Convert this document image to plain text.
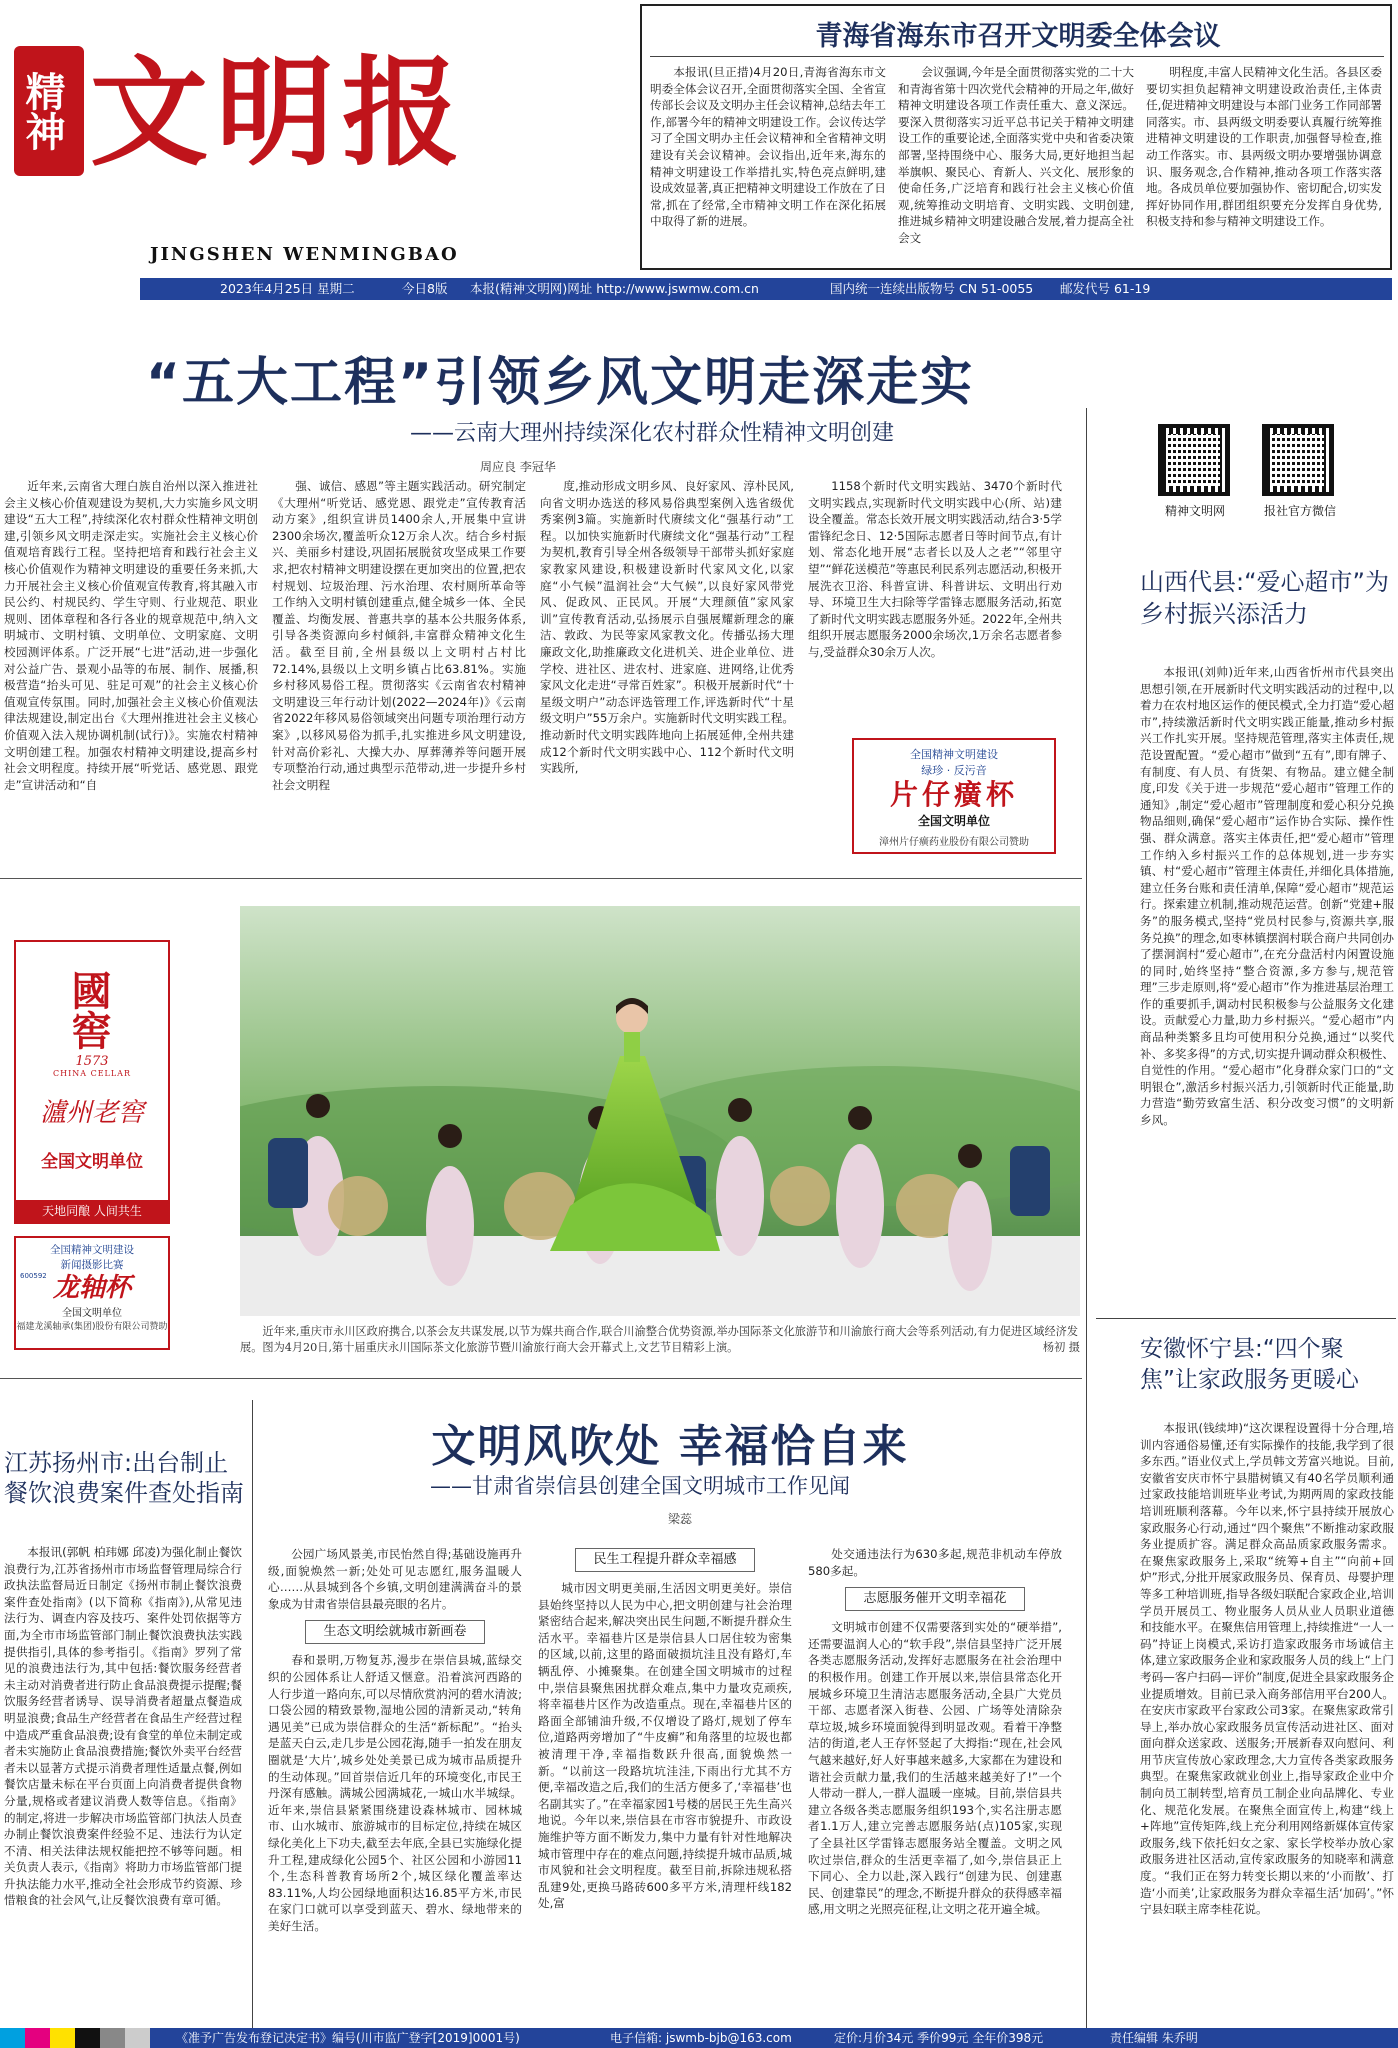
精神 文明报
JINGSHEN WENMINGBAO
青海省海东市召开文明委全体会议

本报讯(旦正措)4月20日,青海省海东市文明委全体会议召开,全面贯彻落实全国、全省宣传部长会议及文明办主任会议精神,总结去年工作,部署今年的精神文明建设工作。会议传达学习了全国文明办主任会议精神和全省精神文明建设有关会议精神。会议指出,近年来,海东的精神文明建设工作举措扎实,特色亮点鲜明,建设成效显著,真正把精神文明建设工作放在了日常,抓在了经常,全市精神文明工作在深化拓展中取得了新的进展。

会议强调,今年是全面贯彻落实党的二十大和青海省第十四次党代会精神的开局之年,做好精神文明建设各项工作责任重大、意义深远。要深入贯彻落实习近平总书记关于精神文明建设工作的重要论述,全面落实党中央和省委决策部署,坚持围绕中心、服务大局,更好地担当起举旗帜、聚民心、育新人、兴文化、展形象的使命任务,广泛培育和践行社会主义核心价值观,统筹推动文明培育、文明实践、文明创建,推进城乡精神文明建设融合发展,着力提高全社会文

明程度,丰富人民精神文化生活。各县区委要切实担负起精神文明建设政治责任,主体责任,促进精神文明建设与本部门业务工作同部署同落实。市、县两级文明委要认真履行统筹推进精神文明建设的工作职责,加强督导检查,推动工作落实。市、县两级文明办要增强协调意识、服务观念,合作精神,推动各项工作落实落地。各成员单位要加强协作、密切配合,切实发挥好协同作用,群团组织要充分发挥自身优势,积极支持和参与精神文明建设工作。

2023年4月25日 星期二	今日8版 本报(精神文明网)网址 http://www.jswmw.com.cn	国内统一连续出版物号 CN 51-0055 邮发代号 61-19
“五大工程”引领乡风文明走深走实
——云南大理州持续深化农村群众性精神文明创建
周应良 李冠华

近年来,云南省大理白族自治州以深入推进社会主义核心价值观建设为契机,大力实施乡风文明建设“五大工程”,持续深化农村群众性精神文明创建,引领乡风文明走深走实。实施社会主义核心价值观培育践行工程。坚持把培育和践行社会主义核心价值观作为精神文明建设的重要任务来抓,大力开展社会主义核心价值观宣传教育,将其融入市民公约、村规民约、学生守则、行业规范、职业规则、团体章程和各行各业的规章规范中,纳入文明城市、文明村镇、文明单位、文明家庭、文明校园测评体系。广泛开展“七进”活动,进一步强化对公益广告、景观小品等的布展、制作、展播,积极营造“抬头可见、驻足可观”的社会主义核心价值观宣传氛围。同时,加强社会主义核心价值观法律法规建设,制定出台《大理州推进社会主义核心价值观入法入规协调机制(试行)》。实施农村精神文明创建工程。加强农村精神文明建设,提高乡村社会文明程度。持续开展“听党话、感党恩、跟党走”宣讲活动和“自

强、诚信、感恩”等主题实践活动。研究制定《大理州“听党话、感党恩、跟党走”宣传教育活动方案》,组织宣讲员1400余人,开展集中宣讲2300余场次,覆盖听众12万余人次。结合乡村振兴、美丽乡村建设,巩固拓展脱贫攻坚成果工作要求,把农村精神文明建设摆在更加突出的位置,把农村规划、垃圾治理、污水治理、农村厕所革命等工作纳入文明村镇创建重点,健全城乡一体、全民覆盖、均衡发展、普惠共享的基本公共服务体系,引导各类资源向乡村倾斜,丰富群众精神文化生活。截至目前,全州县级以上文明村占村比72.14%,县级以上文明乡镇占比63.81%。实施乡村移风易俗工程。贯彻落实《云南省农村精神文明建设三年行动计划(2022—2024年)》《云南省2022年移风易俗领域突出问题专项治理行动方案》,以移风易俗为抓手,扎实推进乡风文明建设,针对高价彩礼、大操大办、厚葬薄养等问题开展专项整治行动,通过典型示范带动,进一步提升乡村社会文明程

度,推动形成文明乡风、良好家风、淳朴民风,向省文明办选送的移风易俗典型案例入选省级优秀案例3篇。实施新时代赓续文化“强基行动”工程。以加快实施新时代赓续文化“强基行动”工程为契机,教育引导全州各级领导干部带头抓好家庭家教家风建设,积极建设新时代家风文化,以家庭“小气候”温润社会“大气候”,以良好家风带党风、促政风、正民风。开展“大理颜值”家风家训”宣传教育活动,弘扬展示自强展耀新理念的廉洁、敦政、为民等家风家教文化。传播弘扬大理廉政文化,助推廉政文化进机关、进企业单位、进学校、进社区、进农村、进家庭、进网络,让优秀家风文化走进“寻常百姓家”。积极开展新时代“十星级文明户”动态评选管理工作,评选新时代“十星级文明户”55万余户。实施新时代文明实践工程。推动新时代文明实践阵地向上拓展延伸,全州共建成12个新时代文明实践中心、112个新时代文明实践所,

1158个新时代文明实践站、3470个新时代文明实践点,实现新时代文明实践中心(所、站)建设全覆盖。常态长效开展文明实践活动,结合3·5学雷锋纪念日、12·5国际志愿者日等时间节点,有计划、常态化地开展“志者长以及人之老”“邻里守望”“鲜花送模范”等惠民利民系列志愿活动,积极开展洗衣卫浴、科普宣讲、科普讲坛、文明出行劝导、环境卫生大扫除等学雷锋志愿服务活动,拓宽了新时代文明实践志愿服务外延。2022年,全州共组织开展志愿服务2000余场次,1万余名志愿者参与,受益群众30余万人次。

全国精神文明建设
绿珍 · 反污音
片仔癀杯
全国文明单位
漳州片仔癀药业股份有限公司赞助
精神文明网	报社官方微信
山西代县:“爱心超市”为乡村振兴添活力

本报讯(刘帅)近年来,山西省忻州市代县突出思想引领,在开展新时代文明实践活动的过程中,以着力在农村地区运作的便民模式,全力打造“爱心超市”,持续激活新时代文明实践正能量,推动乡村振兴工作扎实开展。坚持规范管理,落实主体责任,规范设置配置。“爱心超市”做到“五有”,即有牌子、有制度、有人员、有货架、有物品。建立健全制度,印发《关于进一步规范“爱心超市”管理工作的通知》,制定“爱心超市”管理制度和爱心积分兑换物品细则,确保“爱心超市”运作协合实际、操作性强、群众满意。落实主体责任,把“爱心超市”管理工作纳入乡村振兴工作的总体规划,进一步夯实镇、村“爱心超市”管理主体责任,并细化具体措施,建立任务台账和责任清单,保障“爱心超市”规范运行。探索建立机制,推动规范运营。创新“党建+服务”的服务模式,坚持“党员村民参与,资源共享,服务兑换”的理念,如枣林镇摆润村联合商户共同创办了摆洞润村“爱心超市”,在充分盘活村内闲置设施的同时,始终坚持“整合资源,多方参与,规范管理”三步走原则,将“爱心超市”作为推进基层治理工作的重要抓手,调动村民积极参与公益服务文化建设。贡献爱心力量,助力乡村振兴。“爱心超市”内商品种类繁多且均可使用积分兑换,通过“以奖代补、多奖多得”的方式,切实提升调动群众积极性、自觉性的作用。“爱心超市”化身群众家门口的“文明银仓”,激活乡村振兴活力,引领新时代正能量,助力营造“勤劳致富生活、积分改变习惯”的文明新乡风。

安徽怀宁县:“四个聚焦”让家政服务更暖心

本报讯(钱续坤)“这次课程设置得十分合理,培训内容通俗易懂,还有实际操作的技能,我学到了很多东西。”语业仪式上,学员韩文芳富兴地说。目前,安徽省安庆市怀宁县腊树镇又有40名学员顺利通过家政技能培训班毕业考试,为期两周的家政技能培训班顺利落幕。今年以来,怀宁县持续开展放心家政服务心行动,通过“四个聚焦”不断推动家政服务业提质扩容。满足群众高品质家政服务需求。在聚焦家政服务上,采取“统筹+自主”“向前+回炉”形式,分批开展家政服务员、保育员、母婴护理等多工种培训班,指导各级妇联配合家政企业,培训学员开展员工、物业服务人员从业人员职业道德和技能水平。在聚焦信用管理上,持续推进“一人一码”持证上岗模式,采访打造家政服务市场诚信主体,建立家政服务企业和家政服务人员的线上“上门考码—客户扫码—评价”制度,促进全县家政服务企业提质增效。目前已录入商务部信用平台200人。在安庆市家政平台家政公司3家。在聚焦家政常引导上,举办放心家政服务员宣传活动进社区、面对面向群众送家政、送服务;开展新春双向慰问、利用节庆宣传放心家政理念,大力宣传各类家政服务典型。在聚焦家政就业创业上,指导家政企业中介制向员工制转型,培育员工制企业向品牌化、专业化、规范化发展。在聚焦全面宣传上,构建“线上+阵地”宣传矩阵,线上充分利用网络新媒体宣传家政服务,线下依托妇女之家、家长学校举办放心家政服务进社区活动,宣传家政服务的知晓率和满意度。“我们正在努力转变长期以来的‘小而散’、打造‘小而美’,让家政服务为群众幸福生活‘加码’。”怀宁县妇联主席李桂花说。

近年来,重庆市永川区政府携合,以茶会友共谋发展,以节为媒共商合作,联合川渝整合优势资源,举办国际茶文化旅游节和川渝旅行商大会等系列活动,有力促进区域经济发展。图为4月20日,第十届重庆永川国际茶文化旅游节暨川渝旅行商大会开幕式上,文艺节目精彩上演。	杨初 摄
國窖
1573
CHINA CELLAR
瀘州老窖
全国文明单位
天地同酿 人间共生
全国精神文明建设
新闻摄影比赛
600592 龙轴杯
全国文明单位
福建龙溪轴承(集团)股份有限公司赞助
江苏扬州市:出台制止餐饮浪费案件查处指南

本报讯(郭帆 柏玮娜 邱凌)为强化制止餐饮浪费行为,江苏省扬州市市场监督管理局综合行政执法监督局近日制定《扬州市制止餐饮浪费案件查处指南》(以下简称《指南》),从常见违法行为、调查内容及技巧、案件处罚依据等方面,为全市市场监管部门制止餐饮浪费执法实践提供指引,具体的参考指引。《指南》罗列了常见的浪费违法行为,其中包括:餐饮服务经营者未主动对消费者进行防止食品浪费提示提醒;餐饮服务经营者诱导、误导消费者超量点餐造成明显浪费;食品生产经营者在食品生产经营过程中造成严重食品浪费;设有食堂的单位未制定或者未实施防止食品浪费措施;餐饮外卖平台经营者未以显著方式提示消费者理性适量点餐,例如餐饮店量未标在平台页面上向消费者提供食物分量,规格或者建议消费人数等信息。《指南》的制定,将进一步解决市场监管部门执法人员查办制止餐饮浪费案件经验不足、违法行为认定不清、相关法律法规权能把控不够等问题。相关负责人表示,《指南》将助力市场监管部门提升执法能力水平,推动全社会形成节约资源、珍惜粮食的社会风气,让反餐饮浪费有章可循。

文明风吹处 幸福恰自来
——甘肃省崇信县创建全国文明城市工作见闻
梁蕊

公园广场风景美,市民怡然自得;基础设施再升级,面貌焕然一新;处处可见志愿红,服务温暖人心……从县城到各个乡镇,文明创建满满奋斗的景象成为甘肃省崇信县最亮眼的名片。

生态文明绘就城市新画卷

春和景明,万物复苏,漫步在崇信县城,蓝绿交织的公园体系让人舒适又惬意。沿着滨河西路的人行步道一路向东,可以尽情欣赏汭河的碧水清波;口袋公园的精致景物,湿地公园的清新灵动,“转角遇见美”已成为崇信群众的生活“新标配”。“抬头是蓝天白云,走几步是公园花海,随手一拍发在朋友圈就是‘大片’,城乡处处美景已成为城市品质提升的生动体现。”回首崇信近几年的环境变化,市民王丹深有感触。满城公园满城花,一城山水半城绿。近年来,崇信县紧紧围绕建设森林城市、园林城市、山水城市、旅游城市的目标定位,持续在城区绿化美化上下功夫,截至去年底,全县已实施绿化提升工程,建成绿化公园5个、社区公园和小游园11个,生态科普教育场所2个,城区绿化覆盖率达83.11%,人均公园绿地面积达16.85平方米,市民在家门口就可以享受到蓝天、碧水、绿地带来的美好生活。

民生工程提升群众幸福感

城市因文明更美丽,生活因文明更美好。崇信县始终坚持以人民为中心,把文明创建与社会治理紧密结合起来,解决突出民生问题,不断提升群众生活水平。幸福巷片区是崇信县人口居住较为密集的区域,以前,这里的路面破损坑洼且没有路灯,车辆乱停、小摊聚集。在创建全国文明城市的过程中,崇信县聚焦困扰群众难点,集中力量攻克顽疾,将幸福巷片区作为改造重点。现在,幸福巷片区的路面全部铺油升级,不仅增设了路灯,规划了停车位,道路两旁增加了“牛皮癣”和角落里的垃圾也都被清理干净,幸福指数跃升很高,面貌焕然一新。“以前这一段路坑坑洼洼,下雨出行尤其不方便,幸福改造之后,我们的生活方便多了,‘幸福巷’也名副其实了。”在幸福家园1号楼的居民王先生高兴地说。今年以来,崇信县在市容市貌提升、市政设施维护等方面不断发力,集中力量有针对性地解决城市管理中存在的难点问题,持续提升城市品质,城市风貌和社会文明程度。截至目前,拆除违规私搭乱建9处,更换马路砖600多平方米,清理杆线182处,富

处交通违法行为630多起,规范非机动车停放580多起。

志愿服务催开文明幸福花

文明城市创建不仅需要落到实处的“硬举措”,还需要温润人心的“软手段”,崇信县坚持广泛开展各类志愿服务活动,发挥好志愿服务在社会治理中的积极作用。创建工作开展以来,崇信县常态化开展城乡环境卫生清洁志愿服务活动,全县广大党员干部、志愿者深入街巷、公园、广场等处清除杂草垃圾,城乡环境面貌得到明显改观。看着干净整洁的街道,老人王存怀竖起了大拇指:“现在,社会风气越来越好,好人好事越来越多,大家都在为建设和谐社会贡献力量,我们的生活越来越美好了!”一个人带动一群人,一群人温暖一座城。目前,崇信县共建立各级各类志愿服务组织193个,实名注册志愿者1.1万人,建立完善志愿服务站(点)105家,实现了全县社区学雷锋志愿服务站全覆盖。文明之风吹过崇信,群众的生活更幸福了,如今,崇信县正上下同心、全力以赴,深入践行“创建为民、创建惠民、创建靠民”的理念,不断提升群众的获得感幸福感,用文明之光照亮征程,让文明之花开遍全城。

《准予广告发布登记决定书》编号(川市监广登字[2019]0001号)	电子信箱: jswmb-bjb@163.com	定价:月价34元 季价99元 全年价398元	责任编辑 朱乔明
